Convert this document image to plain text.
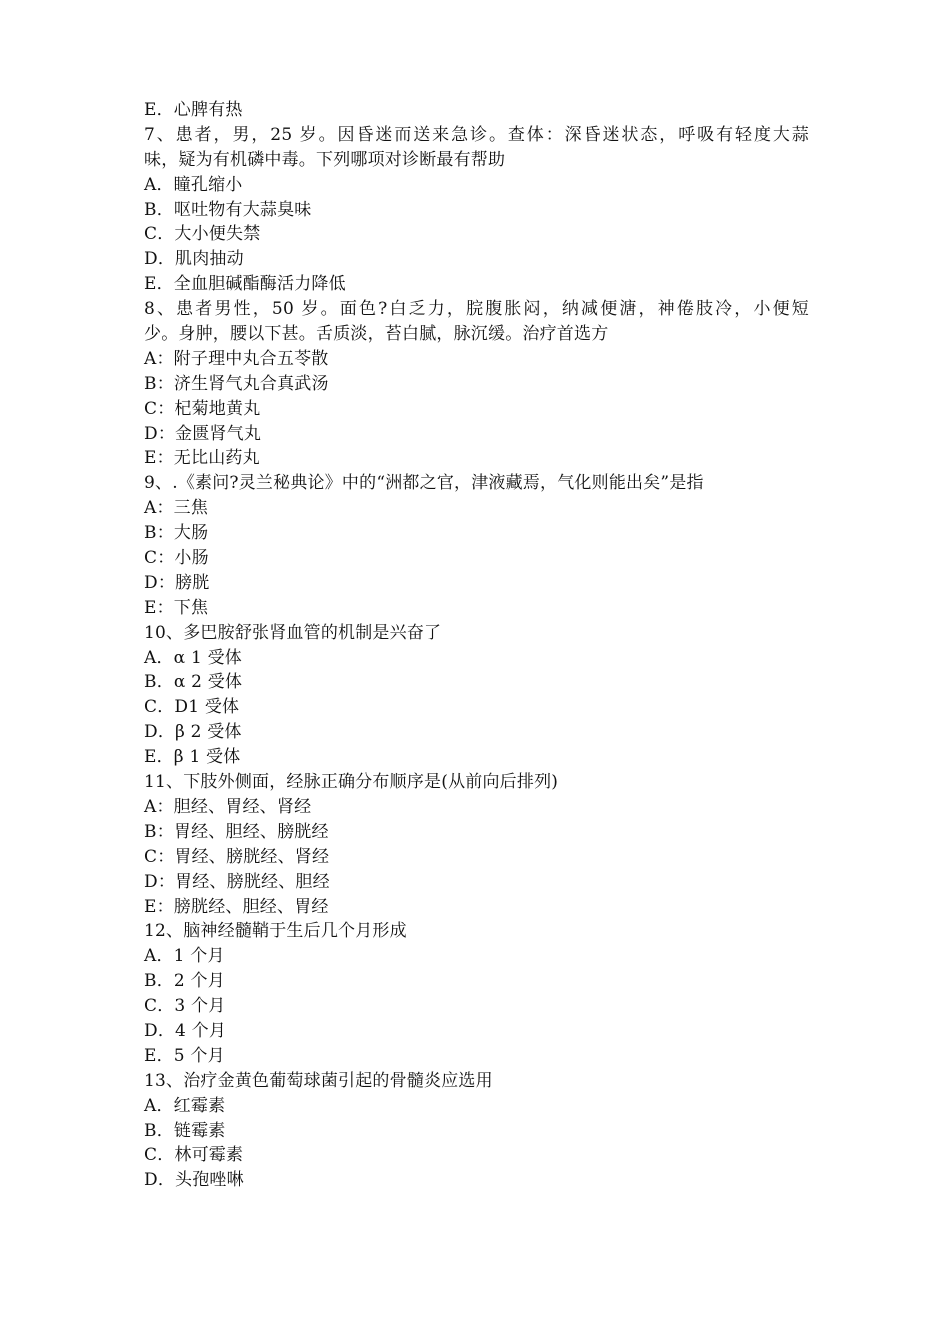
E．心脾有热
7、患者，男，25 岁。因昏迷而送来急诊。查体：深昏迷状态，呼吸有轻度大蒜
味，疑为有机磷中毒。下列哪项对诊断最有帮助
A．瞳孔缩小
B．呕吐物有大蒜臭味
C．大小便失禁
D．肌肉抽动
E．全血胆碱酯酶活力降低
8、患者男性，50 岁。面色?白乏力，脘腹胀闷，纳减便溏，神倦肢冷，小便短
少。身肿，腰以下甚。舌质淡，苔白腻，脉沉缓。治疗首选方
A：附子理中丸合五苓散
B：济生肾气丸合真武汤
C：杞菊地黄丸
D：金匮肾气丸
E：无比山药丸
9、.《素问?灵兰秘典论》中的“洲都之官，津液藏焉，气化则能出矣”是指
A：三焦
B：大肠
C：小肠
D：膀胱
E：下焦
10、多巴胺舒张肾血管的机制是兴奋了
A．α 1 受体
B．α 2 受体
C．D1 受体
D．β 2 受体
E．β 1 受体
11、下肢外侧面，经脉正确分布顺序是(从前向后排列)
A：胆经、胃经、肾经
B：胃经、胆经、膀胱经
C：胃经、膀胱经、肾经
D：胃经、膀胱经、胆经
E：膀胱经、胆经、胃经
12、脑神经髓鞘于生后几个月形成
A．1 个月
B．2 个月
C．3 个月
D．4 个月
E．5 个月
13、治疗金黄色葡萄球菌引起的骨髓炎应选用
A．红霉素
B．链霉素
C．林可霉素
D．头孢唑啉
